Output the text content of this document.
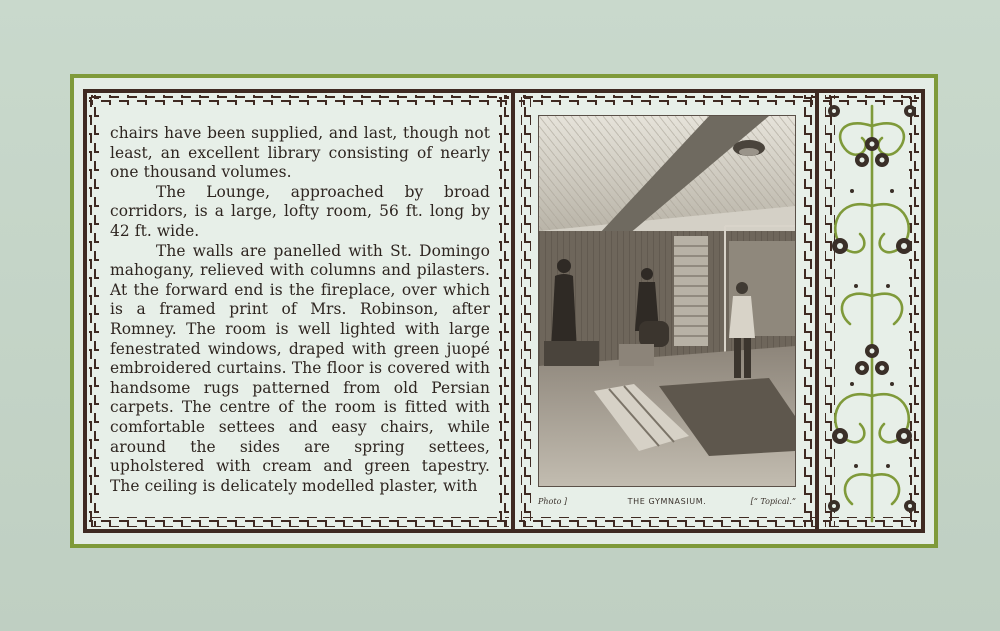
chairs have been supplied, and last, though not least, an excellent library consisting of nearly one thousand volumes.

The Lounge, approached by broad corridors, is a large, lofty room, 56 ft. long by 42 ft. wide.

The walls are panelled with St. Domingo mahogany, relieved with columns and pilasters. At the forward end is the fireplace, over which is a framed print of Mrs. Robinson, after Romney. The room is well lighted with large fenestrated windows, draped with green juopé embroidered curtains. The floor is covered with handsome rugs patterned from old Persian carpets. The centre of the room is fitted with comfortable settees and easy chairs, while around the sides are spring settees, upholstered with cream and green tapestry. The ceiling is delicately modelled plaster, with

Photo ]	THE GYMNASIUM.	[“ Topical.”
